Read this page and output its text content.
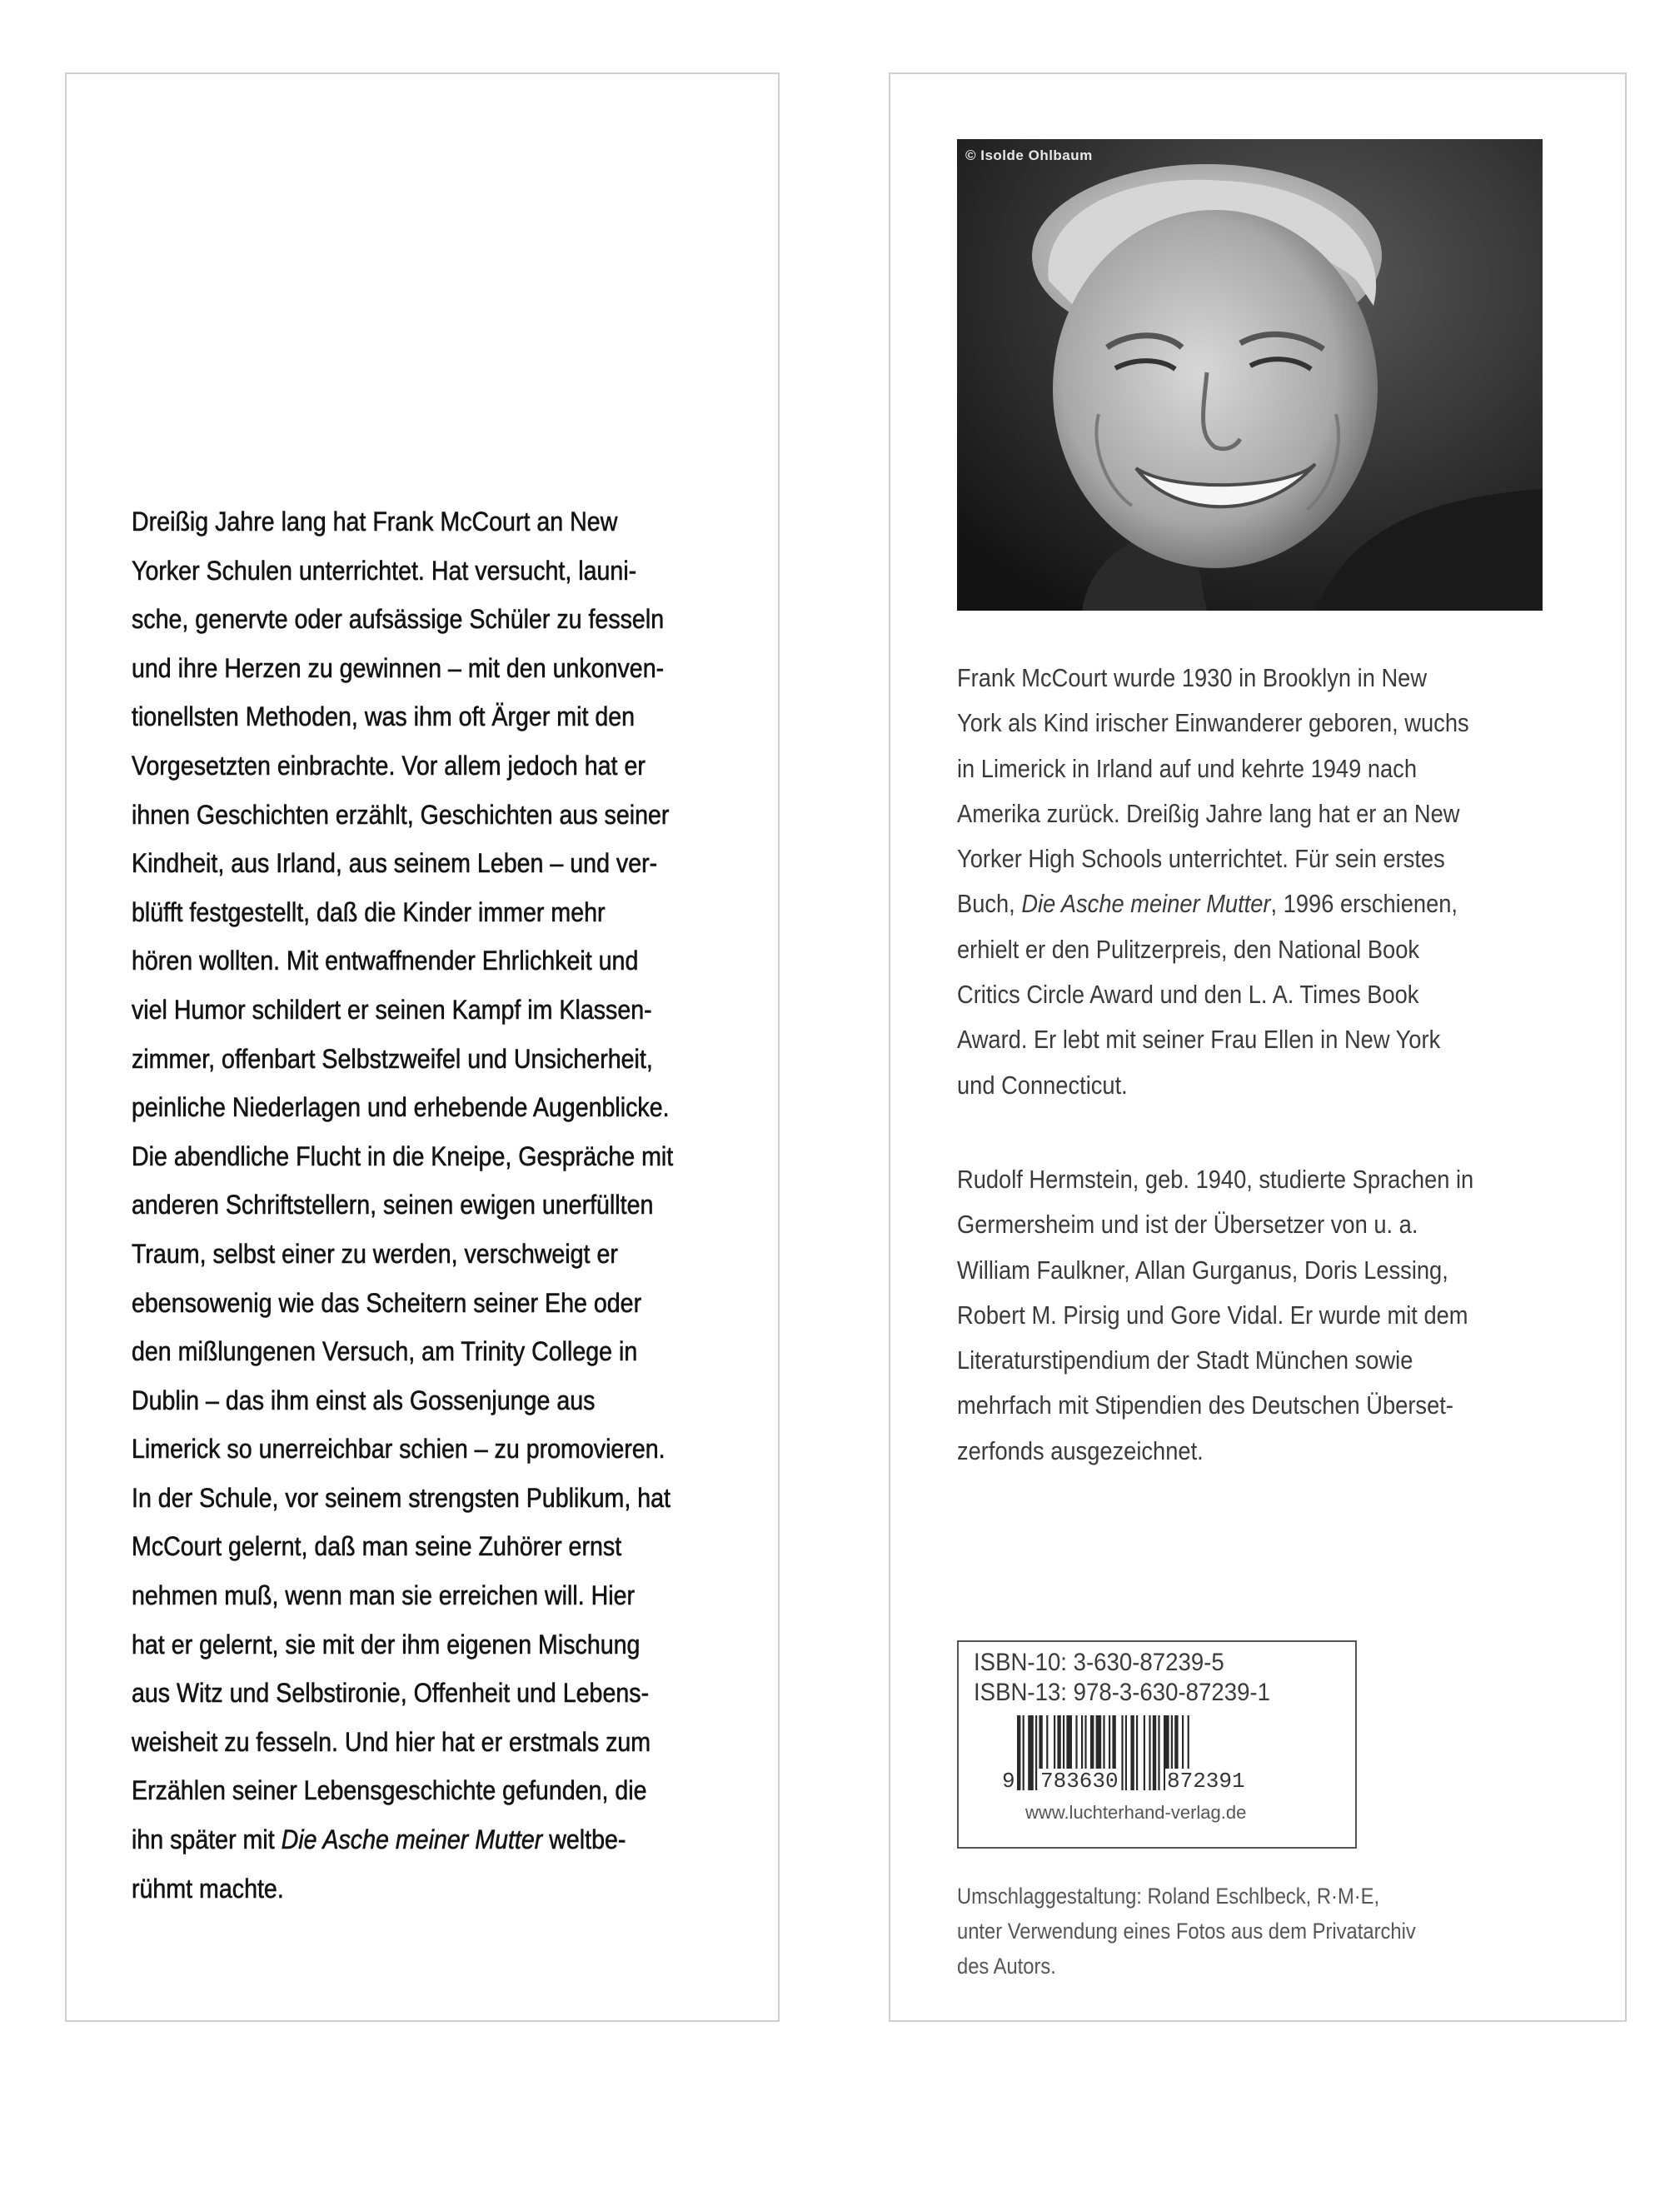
Dreißig Jahre lang hat Frank McCourt an New
Yorker Schulen unterrichtet. Hat versucht, launi-
sche, genervte oder aufsässige Schüler zu fesseln
und ihre Herzen zu gewinnen – mit den unkonven-
tionellsten Methoden, was ihm oft Ärger mit den
Vorgesetzten einbrachte. Vor allem jedoch hat er
ihnen Geschichten erzählt, Geschichten aus seiner
Kindheit, aus Irland, aus seinem Leben – und ver-
blüfft festgestellt, daß die Kinder immer mehr
hören wollten. Mit entwaffnender Ehrlichkeit und
viel Humor schildert er seinen Kampf im Klassen-
zimmer, offenbart Selbstzweifel und Unsicherheit,
peinliche Niederlagen und erhebende Augenblicke.
Die abendliche Flucht in die Kneipe, Gespräche mit
anderen Schriftstellern, seinen ewigen unerfüllten
Traum, selbst einer zu werden, verschweigt er
ebensowenig wie das Scheitern seiner Ehe oder
den mißlungenen Versuch, am Trinity College in
Dublin – das ihm einst als Gossenjunge aus
Limerick so unerreichbar schien – zu promovieren.
In der Schule, vor seinem strengsten Publikum, hat
McCourt gelernt, daß man seine Zuhörer ernst
nehmen muß, wenn man sie erreichen will. Hier
hat er gelernt, sie mit der ihm eigenen Mischung
aus Witz und Selbstironie, Offenheit und Lebens-
weisheit zu fesseln. Und hier hat er erstmals zum
Erzählen seiner Lebensgeschichte gefunden, die
ihn später mit Die Asche meiner Mutter weltbe-
rühmt machte.
© Isolde Ohlbaum
Frank McCourt wurde 1930 in Brooklyn in New
York als Kind irischer Einwanderer geboren, wuchs
in Limerick in Irland auf und kehrte 1949 nach
Amerika zurück. Dreißig Jahre lang hat er an New
Yorker High Schools unterrichtet. Für sein erstes
Buch, Die Asche meiner Mutter, 1996 erschienen,
erhielt er den Pulitzerpreis, den National Book
Critics Circle Award und den L. A. Times Book
Award. Er lebt mit seiner Frau Ellen in New York
und Connecticut.
Rudolf Hermstein, geb. 1940, studierte Sprachen in
Germersheim und ist der Übersetzer von u. a.
William Faulkner, Allan Gurganus, Doris Lessing,
Robert M. Pirsig und Gore Vidal. Er wurde mit dem
Literaturstipendium der Stadt München sowie
mehrfach mit Stipendien des Deutschen Überset-
zerfonds ausgezeichnet.
ISBN-10: 3-630-87239-5
ISBN-13: 978-3-630-87239-1
9 783630 872391
www.luchterhand-verlag.de
Umschlaggestaltung: Roland Eschlbeck, R·M·E,
unter Verwendung eines Fotos aus dem Privatarchiv
des Autors.
